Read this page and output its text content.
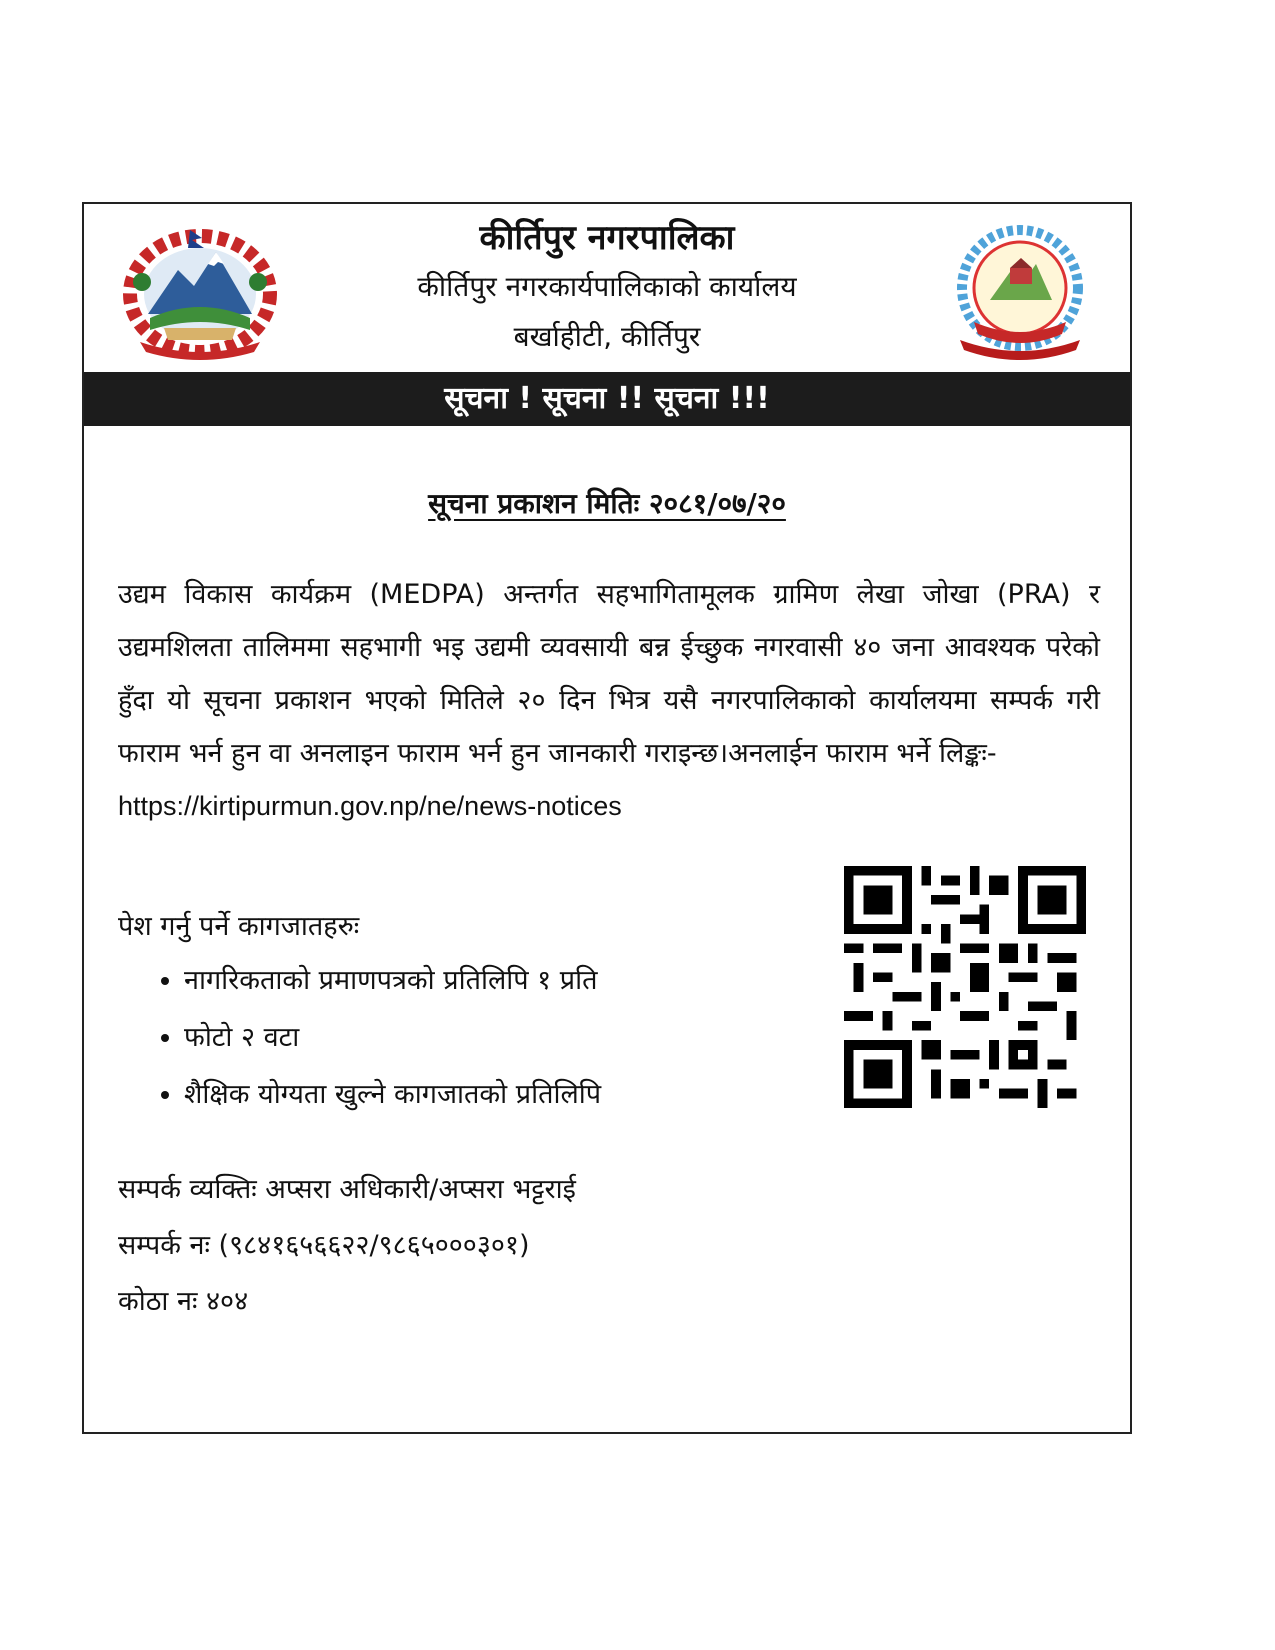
कीर्तिपुर नगरपालिका
कीर्तिपुर नगरकार्यपालिकाको कार्यालय
बर्खाहीटी, कीर्तिपुर
सूचना ! सूचना !! सूचना !!!
सूचना प्रकाशन मितिः २०८१/०७/२०
उद्यम विकास कार्यक्रम (MEDPA) अन्तर्गत सहभागितामूलक ग्रामिण लेखा जोखा (PRA) र उद्यमशिलता तालिममा सहभागी भइ उद्यमी व्यवसायी बन्न ईच्छुक नगरवासी ४० जना आवश्यक परेको हुँदा यो सूचना प्रकाशन भएको मितिले २० दिन भित्र यसै नगरपालिकाको कार्यालयमा सम्पर्क गरी फाराम भर्न हुन वा अनलाइन फाराम भर्न हुन जानकारी गराइन्छ।अनलाईन फाराम भर्ने लिङ्कः-
https://kirtipurmun.gov.np/ne/news-notices
पेश गर्नु पर्ने कागजातहरुः
• नागरिकताको प्रमाणपत्रको प्रतिलिपि १ प्रति
• फोटो २ वटा
• शैक्षिक योग्यता खुल्ने कागजातको प्रतिलिपि
सम्पर्क व्यक्तिः अप्सरा अधिकारी/अप्सरा भट्टराई
सम्पर्क नः (९८४१६५६६२२/९८६५०००३०१)
कोठा नः ४०४
